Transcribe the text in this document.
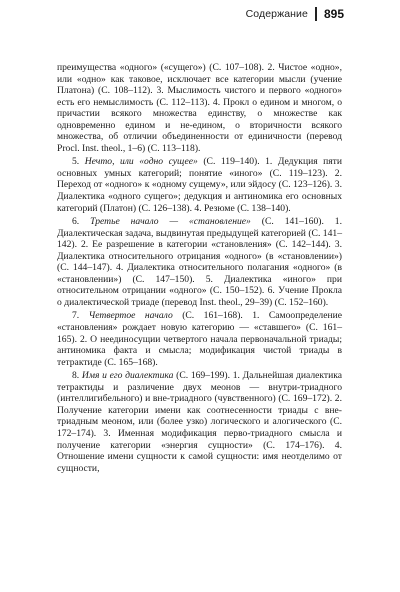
Содержание 895

преимущества «одного» («сущего») (С. 107–108). 2. Чистое «одно», или «одно» как таковое, исключает все категории мысли (учение Платона) (С. 108–112). 3. Мыслимость чистого и первого «одного» есть его немыслимость (С. 112–113). 4. Прокл о едином и многом, о причастии всякого множества единству, о множестве как одновременно едином и не-едином, о вторичности всякого множества, об отличии объединенности от единичности (перевод Procl. Inst. theol., 1–6) (С. 113–118).

5. Нечто, или «одно сущее» (С. 119–140). 1. Дедукция пяти основных умных категорий; понятие «иного» (С. 119–123). 2. Переход от «одного» к «одному сущему», или эйдосу (С. 123–126). 3. Диалектика «одного сущего»; дедукция и антиномика его основных категорий (Платон) (С. 126–138). 4. Резюме (С. 138–140).

6. Третье начало — «становление» (С. 141–160). 1. Диалектическая задача, выдвинутая предыдущей категорией (С. 141–142). 2. Ее разрешение в категории «становления» (С. 142–144). 3. Диалектика относительного отрицания «одного» (в «становлении») (С. 144–147). 4. Диалектика относительного полагания «одного» (в «становлении») (С. 147–150). 5. Диалектика «иного» при относительном отрицании «одного» (С. 150–152). 6. Учение Прокла о диалектической триаде (перевод Inst. theol., 29–39) (С. 152–160).

7. Четвертое начало (С. 161–168). 1. Самоопределение «становления» рождает новую категорию — «ставшего» (С. 161–165). 2. О неединосущии четвертого начала первоначальной триады; антиномика факта и смысла; модификация чистой триады в тетрактиде (С. 165–168).

8. Имя и его диалектика (С. 169–199). 1. Дальнейшая диалектика тетрактиды и различение двух меонов — внутри-триадного (интеллигибельного) и вне-триадного (чувственного) (С. 169–172). 2. Получение категории имени как соотнесенности триады с вне-триадным меоном, или (более узко) логического и алогического (С. 172–174). 3. Именная модификация перво-триадного смысла и получение категории «энергия сущности» (С. 174–176). 4. Отношение имени сущности к самой сущности: имя неотделимо от сущности,
